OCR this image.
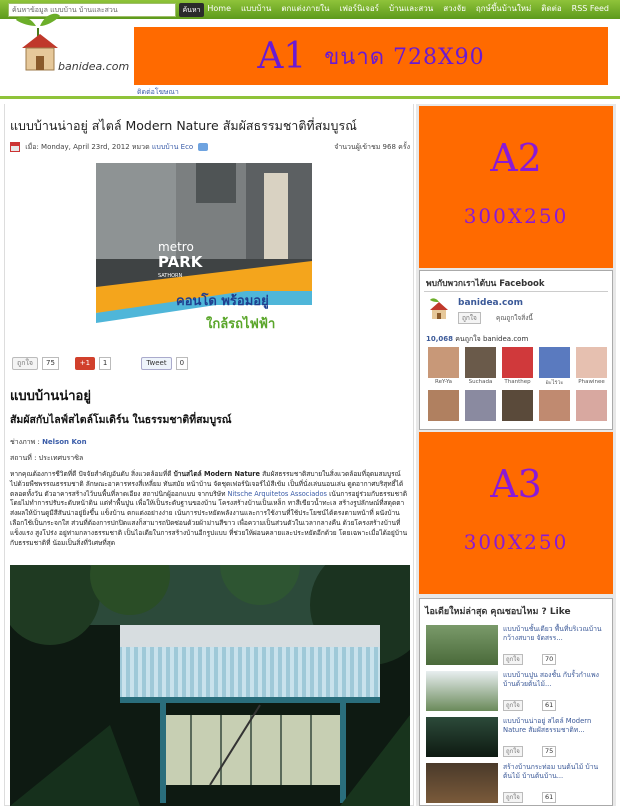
ค้นหาข้อมูล แบบบ้าน บ้านและสวน	ค้นหา Home	แบบบ้าน	ตกแต่งภายใน	เฟอร์นิเจอร์	บ้านและสวน	สวงจัย	ฤกษ์ขึ้นบ้านใหม่	ติดต่อ	RSS Feed
banidea.com
ติดต่อโฆษณา
A1 ขนาด 728X90
แบบบ้านน่าอยู่ สไตล์ Modern Nature สัมผัสธรรมชาติที่สมบูรณ์
เมื่อ: Monday, April 23rd, 2012 หมวด แบบบ้าน Eco	จำนวนผู้เข้าชม 968 ครั้ง
metro
PARK
SATHORN
คอนโด พร้อมอยู่
ใกล้รถไฟฟ้า
ถูกใจ	75	+1	1	Tweet	0
แบบบ้านน่าอยู่
สัมผัสกับไลฟ์สไตล์โมเดิร์น ในธรรมชาติที่สมบูรณ์
ช่างภาพ : Nelson Kon
สถานที่ : ประเทศบราซิล
หากคุณต้องการชีวิตที่ดี ปัจจัยสำคัญอันดับ สิ่งแวดล้อมที่ดี บ้านสไตล์ Modern Nature สัมผัสธรรมชาติสบายในสิ่งแวดล้อมที่อุดมสมบูรณ์ไปด้วยพืชพรรณธรรมชาติ ลักษณะอาคารทรงสี่เหลี่ยม ทันสมัย หน้าบ้าน จัดชุดเฟอร์นิเจอร์ไม้สีเข้ม เป็นที่นั่งเล่นนอนเล่น ดูดอากาศบริสุทธิ์ได้ตลอดทั้งวัน ตัวอาคารสร้างไว้บนพื้นที่ลาดเอียง สถาปนิกผู้ออกแบบ จากบริษัท Nitsche Arquitetos Associados เน้นการอยู่ร่วมกับธรรมชาติ โดยไม่ทำการปรับระดับหน้าดิน แต่ทำพื้นปูน เพื่อให้เป็นระดับฐานของบ้าน โครงสร้างบ้านเป็นเหล็ก ทาสีเขียวน้ำทะเล สร้างรูปลักษณ์ที่สดุดตา ส่งผลให้บ้านดูมีสีสันน่าอยู่ยิ่งขึ้น แข็งบ้าน ตกแต่งอย่างง่าย เน้นการประหยัดพลังงานและการใช้งานที่ใช้ประโยชน์ได้ตรงตามหน้าที่ ผนังบ้านเลือกใช้เป็นกระจกใส ส่วนที่ต้องการปกปิดแสงก็สามารถปิดซ่อนด้วยผ้าม่านสีขาว เพื่อความเป็นส่วนตัวในเวลากลางคืน ด้วยโครงสร้างบ้านที่แข็งแรง สูงโปร่ง อยู่ท่ามกลางธรรมชาติ เป็นไอเดียในการสร้างบ้านอีกรูปแบบ ที่ช่วยให้ผ่อนคลายและประหยัดอีกด้วย โดยเฉพาะเมื่อได้อยู่บ้านกับธรรมชาติที่ น้อมเป็นสิ่งที่วิเศษที่สุด
A2
300X250
พบกับพวกเราได้บน Facebook
banidea.com
ถูกใจ	คุณถูกใจสิ่งนี้
10,068 คนถูกใจ banidea.com
ReY-Ya	Suchada Thanthep	อะไรวะ	Phawinee
A3
300X250
ไอเดียใหม่ล่าสุด คุณชอบไหม ? Like
แบบบ้านชั้นเดียว พื้นที่บริเวณบ้านกว้างสบาย จัดสรร...
ถูกใจ	70
แบบบ้านปูน สองชั้น กับรั้วกำแพงบ้านด้วยต้นไม้...
ถูกใจ	61
แบบบ้านน่าอยู่ สไตล์ Modern Nature สัมผัสธรรมชาติท...
ถูกใจ	75
สร้างบ้านกระท่อม บนต้นไม้ บ้านต้นไม้ บ้านต้นบ้าน...
ถูกใจ	61
